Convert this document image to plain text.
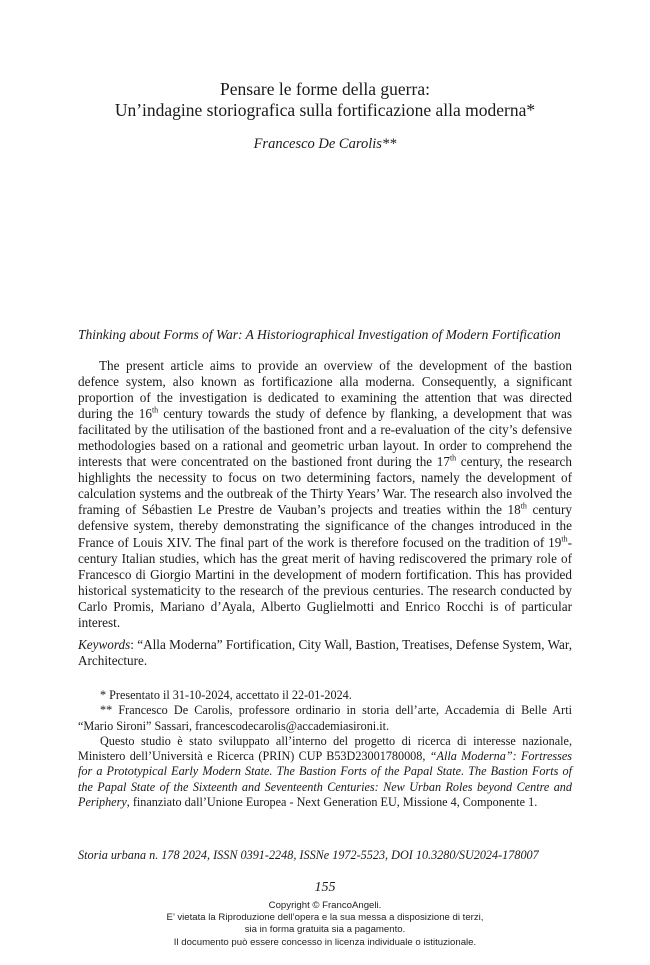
Pensare le forme della guerra:
Un’indagine storiografica sulla fortificazione alla moderna*
Francesco De Carolis**
Thinking about Forms of War: A Historiographical Investigation of Modern Fortification

The present article aims to provide an overview of the development of the bastion defence system, also known as fortificazione alla moderna. Consequently, a significant proportion of the investigation is dedicated to examining the attention that was directed during the 16th century towards the study of defence by flanking, a development that was facilitated by the utilisation of the bastioned front and a re-evaluation of the city’s defensive methodologies based on a rational and geometric urban layout. In order to comprehend the interests that were concentrated on the bastioned front during the 17th century, the research highlights the necessity to focus on two determining factors, namely the development of calculation systems and the outbreak of the Thirty Years’ War. The research also involved the framing of Sébastien Le Prestre de Vauban’s projects and treaties within the 18th century defensive system, thereby demonstrating the significance of the changes introduced in the France of Louis XIV. The final part of the work is therefore focused on the tradition of 19th-century Italian studies, which has the great merit of having rediscovered the primary role of Francesco di Giorgio Martini in the development of modern fortification. This has provided historical systematicity to the research of the previous centuries. The research conducted by Carlo Promis, Mariano d’Ayala, Alberto Guglielmotti and Enrico Rocchi is of particular interest.

Keywords: “Alla Moderna” Fortification, City Wall, Bastion, Treatises, Defense System, War, Architecture.

* Presentato il 31-10-2024, accettato il 22-01-2024.

** Francesco De Carolis, professore ordinario in storia dell’arte, Accademia di Belle Arti “Mario Sironi” Sassari, francescodecarolis@accademiasironi.it.

Questo studio è stato sviluppato all’interno del progetto di ricerca di interesse nazionale, Ministero dell’Università e Ricerca (PRIN) CUP B53D23001780008, “Alla Moderna”: Fortresses for a Prototypical Early Modern State. The Bastion Forts of the Papal State. The Bastion Forts of the Papal State of the Sixteenth and Seventeenth Centuries: New Urban Roles beyond Centre and Periphery, finanziato dall’Unione Europea - Next Generation EU, Missione 4, Componente 1.

Storia urbana n. 178 2024, ISSN 0391-2248, ISSNe 1972-5523, DOI 10.3280/SU2024-178007
155
Copyright © FrancoAngeli.
E’ vietata la Riproduzione dell’opera e la sua messa a disposizione di terzi,
sia in forma gratuita sia a pagamento.
Il documento può essere concesso in licenza individuale o istituzionale.
